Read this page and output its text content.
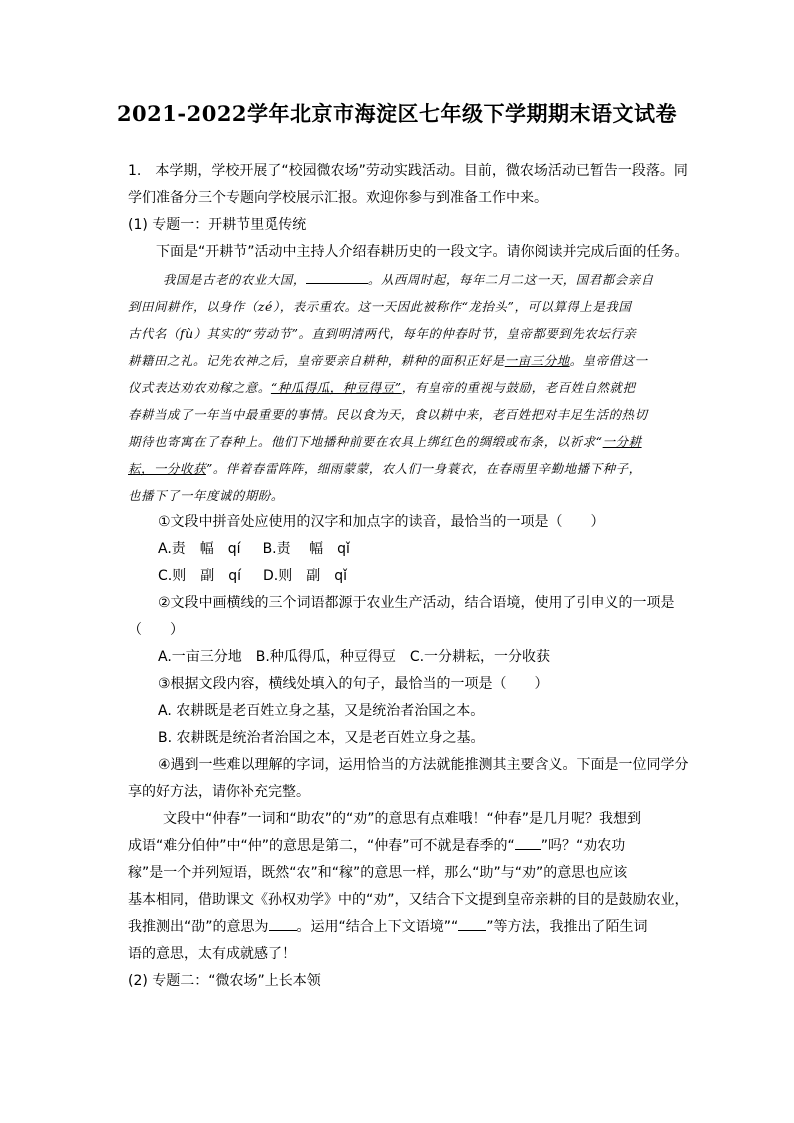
2021-2022学年北京市海淀区七年级下学期期末语文试卷
1.　本学期，学校开展了“校园微农场”劳动实践活动。目前，微农场活动已暂告一段落。同
学们准备分三个专题向学校展示汇报。欢迎你参与到准备工作中来。
(1) 专题一：开耕节里觅传统
下面是“开耕节”活动中主持人介绍春耕历史的一段文字。请你阅读并完成后面的任务。
我国是古老的农业大国，	。从西周时起，每年二月二这一天，国君都会亲自
到田间耕作，以身作（zé），表示重农。这一天因此被称作“龙抬头”，可以算得上是我国
古代名（fù）其实的“劳动节”。直到明清两代，每年的仲春时节，皇帝都要到先农坛行亲
耕籍田之礼。记先农神之后，皇帝要亲自耕种，耕种的面积正好是一亩三分地。皇帝借这一
仪式表达劝农劝稼之意。“种瓜得瓜，种豆得豆”，有皇帝的重视与鼓励，老百姓自然就把
春耕当成了一年当中最重要的事情。民以食为天，食以耕中来，老百姓把对丰足生活的热切
期待也寄寓在了春种上。他们下地播种前要在农具上绑红色的绸缎或布条，以祈求“一分耕
耘，一分收获”。伴着春雷阵阵，细雨蒙蒙，农人们一身蓑衣，在春雨里辛勤地播下种子，
也播下了一年度诚的期盼。
①文段中拼音处应使用的汉字和加点字的读音，最恰当的一项是（　　）
A.责　幅　qí B.责　 幅　qǐ
C.则　副　qí D.则　副　qǐ
②文段中画横线的三个词语都源于农业生产活动，结合语境，使用了引申义的一项是
（　　）
A.一亩三分地　B.种瓜得瓜，种豆得豆　C.一分耕耘，一分收获
③根据文段内容，横线处填入的句子，最恰当的一项是（　　）
A. 农耕既是老百姓立身之基，又是统治者治国之本。
B. 农耕既是统治者治国之本，又是老百姓立身之基。
④遇到一些难以理解的字词，运用恰当的方法就能推测其主要含义。下面是一位同学分
享的好方法，请你补充完整。
文段中“仲春”一词和“助农”的“劝”的意思有点难哦！“仲春”是几月呢？我想到
成语“难分伯仲”中“仲”的意思是第二，“仲春”可不就是春季的“ ”吗？“劝农功
稼”是一个并列短语，既然“农”和“稼”的意思一样，那么“助”与“劝”的意思也应该
基本相同，借助课文《孙权劝学》中的“劝”，又结合下文提到皇帝亲耕的目的是鼓励农业，
我推测出“劭”的意思为 。运用“结合上下文语境”“ ”等方法，我推出了陌生词
语的意思，太有成就感了！
(2) 专题二：“微农场”上长本领
